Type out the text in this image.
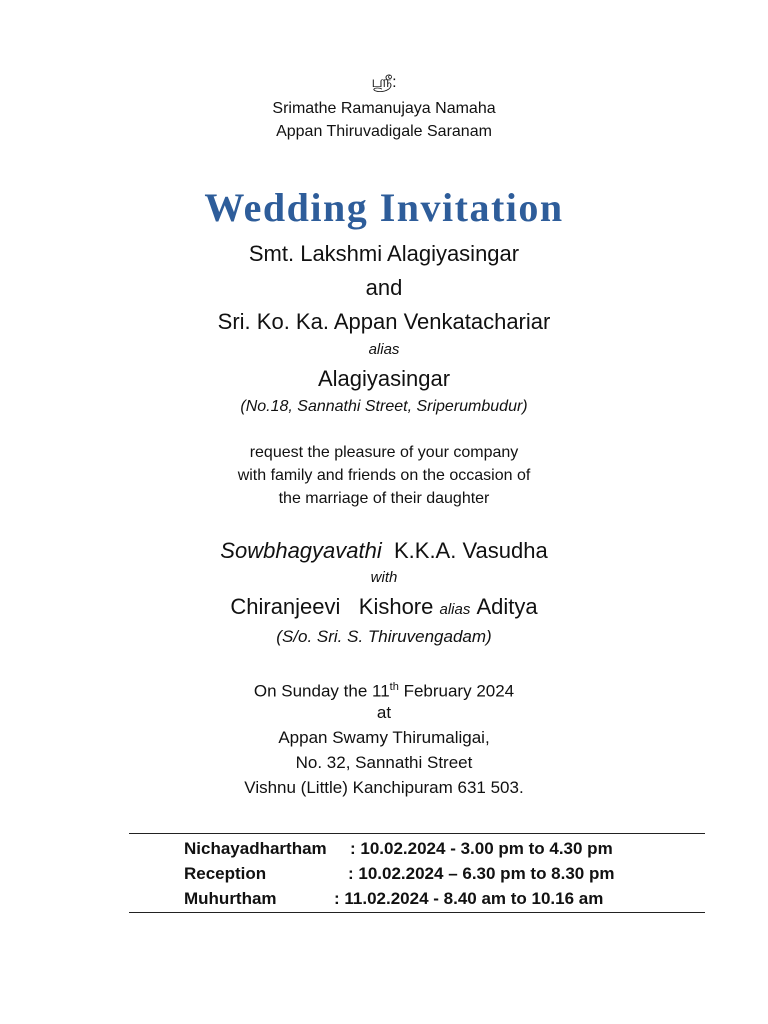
ஶ்ரீ:
Srimathe Ramanujaya Namaha
Appan Thiruvadigale Saranam
Wedding Invitation
Smt. Lakshmi Alagiyasingar
and
Sri. Ko. Ka. Appan Venkatachariar
alias
Alagiyasingar
(No.18, Sannathi Street, Sriperumbudur)
request the pleasure of your company
with family and friends on the occasion of
the marriage of their daughter
Sowbhagyavathi K.K.A. Vasudha
with
Chiranjeevi Kishore alias Aditya
(S/o. Sri. S. Thiruvengadam)
On Sunday the 11th February 2024
at
Appan Swamy Thirumaligai,
No. 32, Sannathi Street
Vishnu (Little) Kanchipuram 631 503.
Nichayadhartham : 10.02.2024 - 3.00 pm to 4.30 pm
Reception	: 10.02.2024 – 6.30 pm to 8.30 pm
Muhurtham	: 11.02.2024 - 8.40 am to 10.16 am
